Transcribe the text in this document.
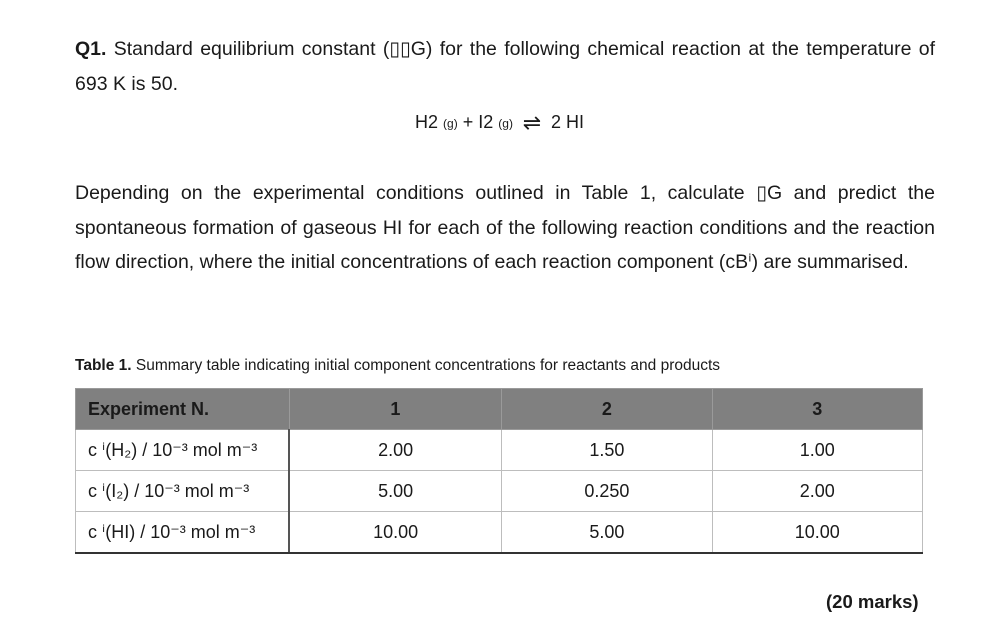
Q1. Standard equilibrium constant (▯▯G) for the following chemical reaction at the temperature of 693 K is 50.

H2 (g) + I2 (g) ⇌ 2 HI

Depending on the experimental conditions outlined in Table 1, calculate ▯G and predict the spontaneous formation of gaseous HI for each of the following reaction conditions and the reaction flow direction, where the initial concentrations of each reaction component (cBⁱ) are summarised.

Table 1. Summary table indicating initial component concentrations for reactants and products
Experiment N.	1	2	3
c ⁱ(H₂) / 10⁻³ mol m⁻³	2.00	1.50	1.00
c ⁱ(I₂) / 10⁻³ mol m⁻³	5.00	0.250	2.00
c ⁱ(HI) / 10⁻³ mol m⁻³	10.00	5.00	10.00
(20 marks)
